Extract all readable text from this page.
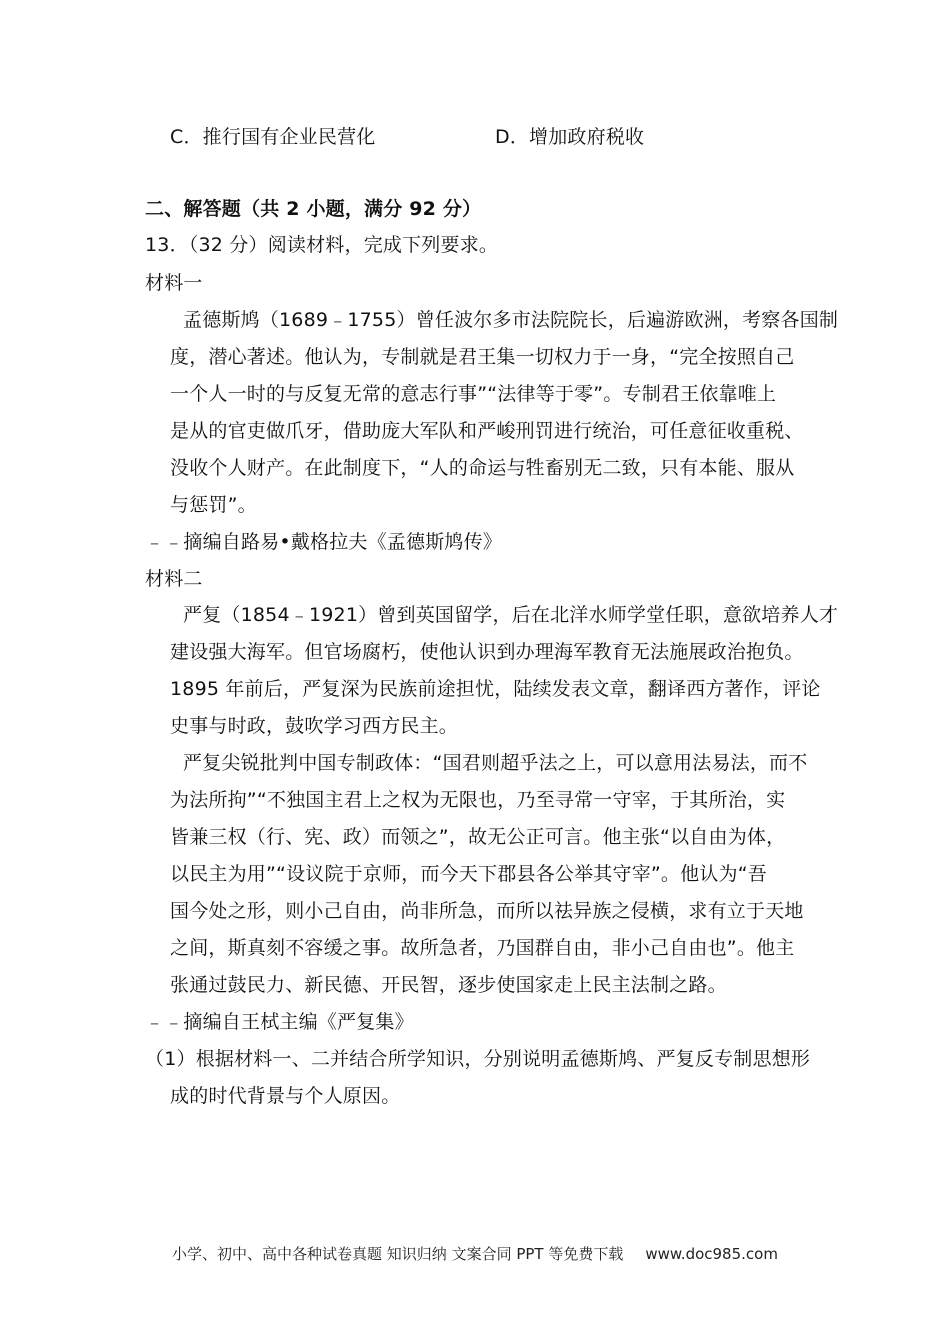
C．推行国有企业民营化	D．增加政府税收
二、解答题（共 2 小题，满分 92 分）
13．（32 分）阅读材料，完成下列要求。
材料一
孟德斯鸠（1689﹣1755）曾任波尔多市法院院长，后遍游欧洲，考察各国制
度，潜心著述。他认为，专制就是君王集一切权力于一身，“完全按照自己
一个人一时的与反复无常的意志行事”“法律等于零”。专制君王依靠唯上
是从的官吏做爪牙，借助庞大军队和严峻刑罚进行统治，可任意征收重税、
没收个人财产。在此制度下，“人的命运与牲畜别无二致，只有本能、服从
与惩罚”。
﹣﹣摘编自路易•戴格拉夫《孟德斯鸠传》
材料二
严复（1854﹣1921）曾到英国留学，后在北洋水师学堂任职，意欲培养人才
建设强大海军。但官场腐朽，使他认识到办理海军教育无法施展政治抱负。
1895 年前后，严复深为民族前途担忧，陆续发表文章，翻译西方著作，评论
史事与时政，鼓吹学习西方民主。
严复尖锐批判中国专制政体：“国君则超乎法之上，可以意用法易法，而不
为法所拘”“不独国主君上之权为无限也，乃至寻常一守宰，于其所治，实
皆兼三权（行、宪、政）而领之”，故无公正可言。他主张“以自由为体，
以民主为用”“设议院于京师，而今天下郡县各公举其守宰”。他认为“吾
国今处之形，则小己自由，尚非所急，而所以祛异族之侵横，求有立于天地
之间，斯真刻不容缓之事。故所急者，乃国群自由，非小己自由也”。他主
张通过鼓民力、新民德、开民智，逐步使国家走上民主法制之路。
﹣﹣摘编自王栻主编《严复集》
（1）根据材料一、二并结合所学知识，分别说明孟德斯鸠、严复反专制思想形
成的时代背景与个人原因。
小学、初中、高中各种试卷真题 知识归纳 文案合同 PPT 等免费下载 www.doc985.com
